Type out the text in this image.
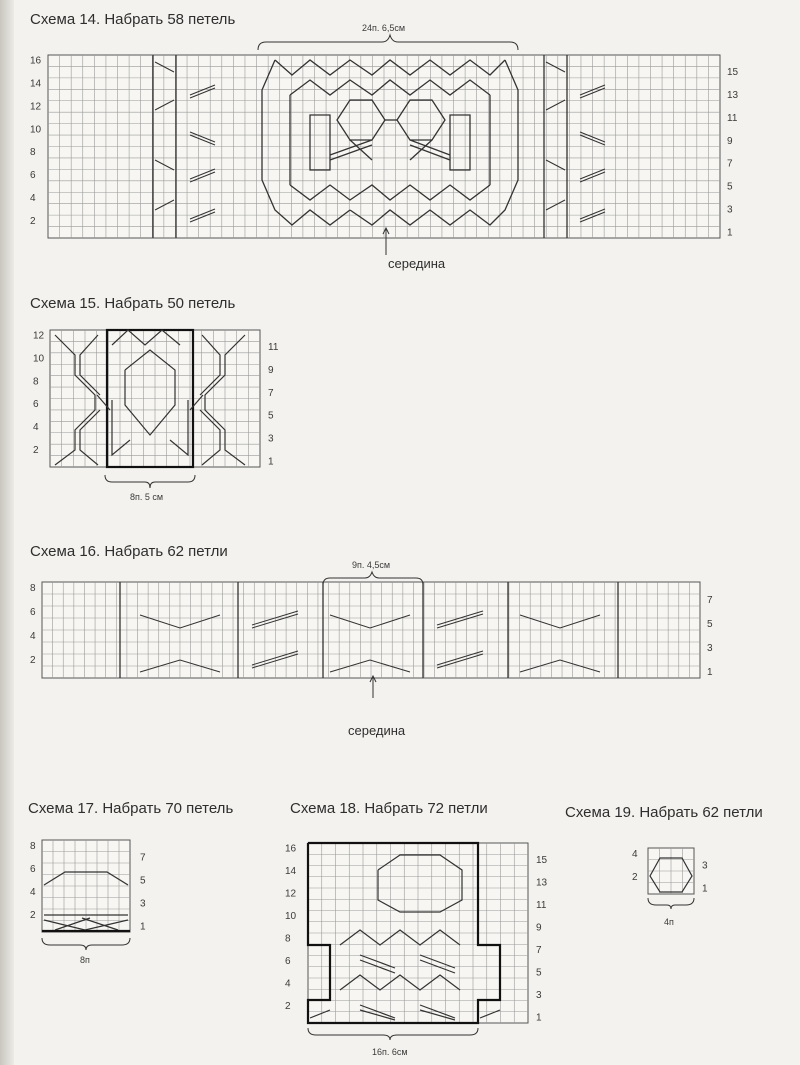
Схема 14. Набрать 58 петель	24п. 6,5см
середина
2
4
6
8
10
12
14
16
1
3
5
7
9
11
13
15
Схема 15. Набрать 50 петель
8п. 5 см
2
4
6
8
10
12
1
3
5
7
9
11
Схема 16. Набрать 62 петли
9п. 4,5см
середина
2
4
6
8
1
3
5
7
Схема 17. Набрать 70 петель
8п
2
4
6
8
1
3
5
7
Схема 18. Набрать 72 петли
16п. 6см
2
4
6
8
10
12
14
16
1
3
5
7
9
11
13
15
Схема 19. Набрать 62 петли
4п
2
4
1
3
